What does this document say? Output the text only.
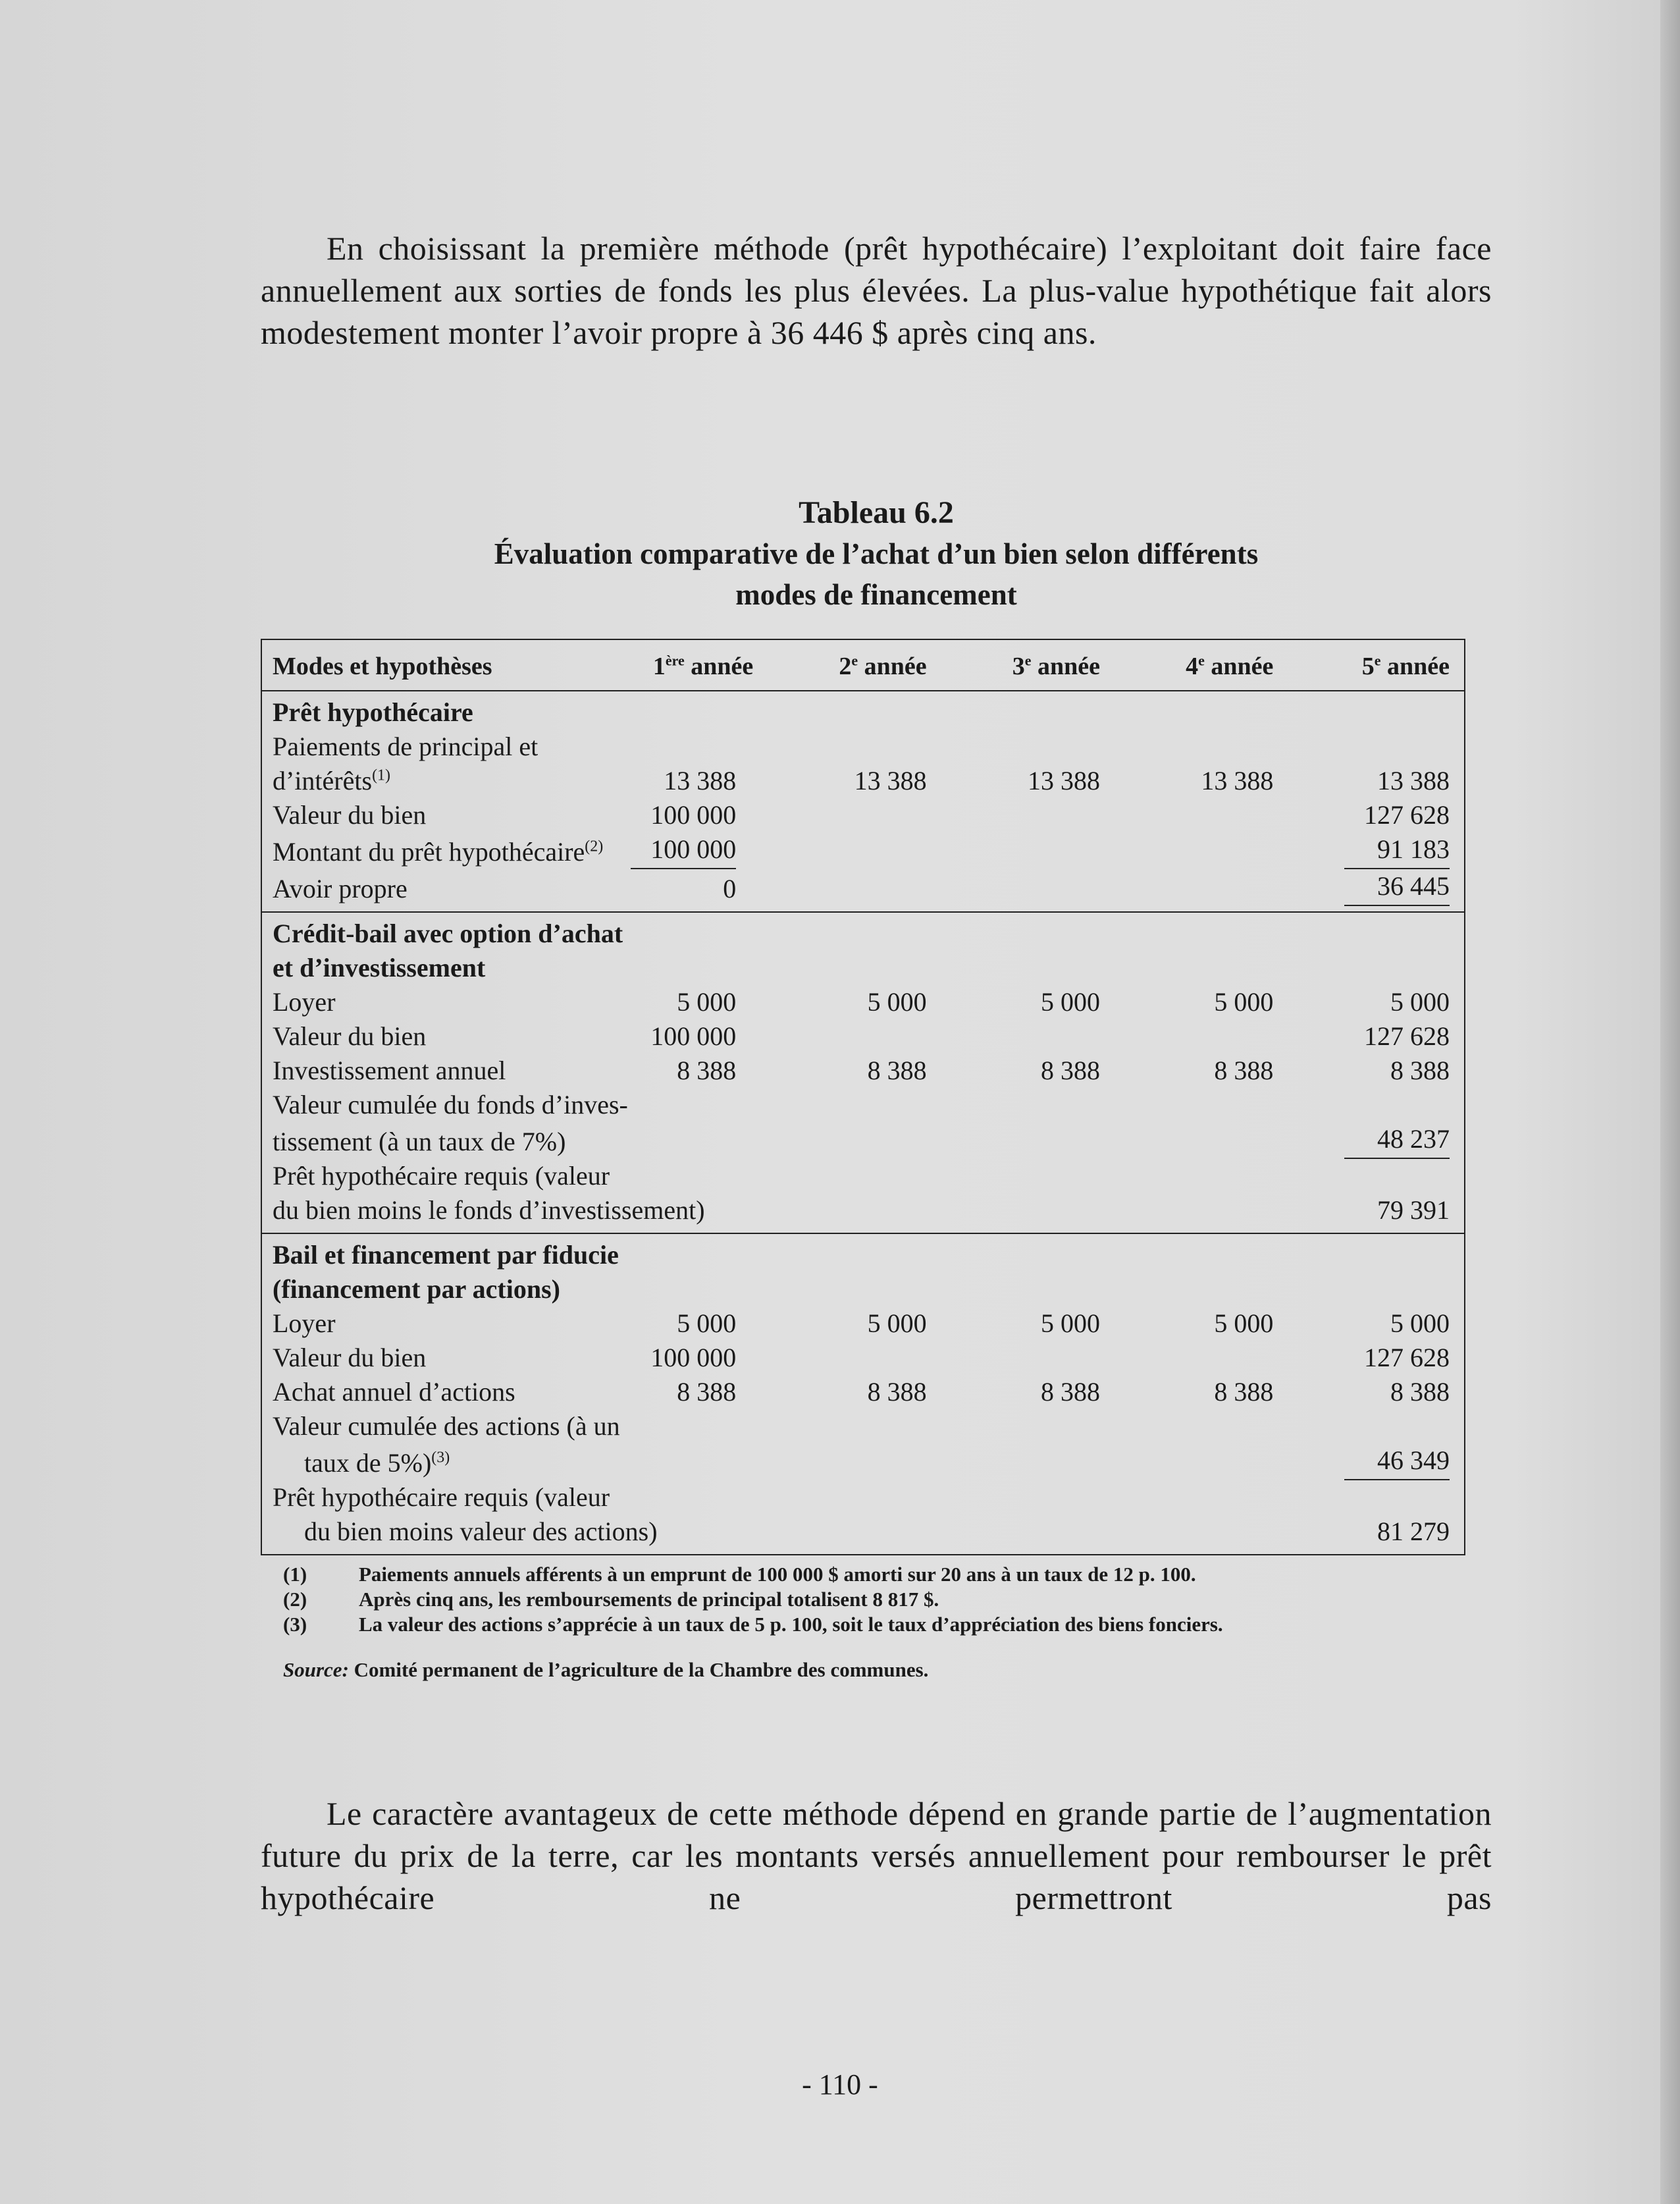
En choisissant la première méthode (prêt hypothécaire) l’exploitant doit faire face annuellement aux sorties de fonds les plus élevées. La plus-value hypothétique fait alors modestement monter l’avoir propre à 36 446 $ après cinq ans.
Tableau 6.2
Évaluation comparative de l’achat d’un bien selon différents
modes de financement
Modes et hypothèses	1ère année	2e année	3e année	4e année	5e année
Prêt hypothécaire					
Paiements de principal et					
d’intérêts$^{(1)}$	13 388	13 388	13 388	13 388	13 388
Valeur du bien	100 000				127 628
Montant du prêt hypothécaire$^{(2)}$	100 000				91 183
Avoir propre	0				36 445
Crédit-bail avec option d’achat					
et d’investissement					
Loyer	5 000	5 000	5 000	5 000	5 000
Valeur du bien	100 000				127 628
Investissement annuel	8 388	8 388	8 388	8 388	8 388
Valeur cumulée du fonds d’inves-					
tissement (à un taux de 7%)					48 237
Prêt hypothécaire requis (valeur					
du bien moins le fonds d’investissement)					79 391
Bail et financement par fiducie					
(financement par actions)					
Loyer	5 000	5 000	5 000	5 000	5 000
Valeur du bien	100 000				127 628
Achat annuel d’actions	8 388	8 388	8 388	8 388	8 388
Valeur cumulée des actions (à un					
taux de 5%)$^{(3)}$					46 349
Prêt hypothécaire requis (valeur					
du bien moins valeur des actions)					81 279
(1)	Paiements annuels afférents à un emprunt de 100 000 $ amorti sur 20 ans à un taux de 12 p. 100.
(2)	Après cinq ans, les remboursements de principal totalisent 8 817 $.
(3)	La valeur des actions s’apprécie à un taux de 5 p. 100, soit le taux d’appréciation des biens fonciers.
Source: Comité permanent de l’agriculture de la Chambre des communes.
Le caractère avantageux de cette méthode dépend en grande partie de l’augmentation future du prix de la terre, car les montants versés annuellement pour rembourser le prêt hypothécaire ne permettront pas
- 110 -
